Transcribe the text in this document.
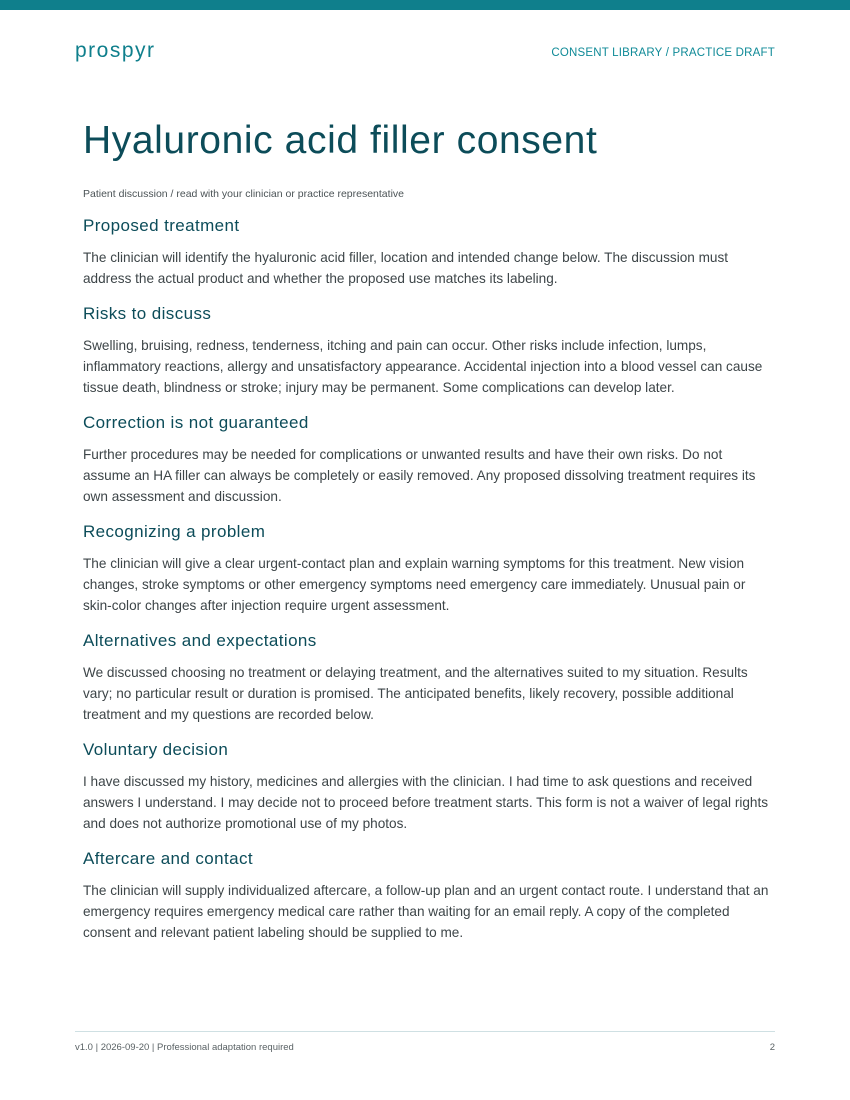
prospyr	CONSENT LIBRARY / PRACTICE DRAFT
Hyaluronic acid filler consent

Patient discussion / read with your clinician or practice representative

Proposed treatment

The clinician will identify the hyaluronic acid filler, location and intended change below. The discussion must address the actual product and whether the proposed use matches its labeling.

Risks to discuss

Swelling, bruising, redness, tenderness, itching and pain can occur. Other risks include infection, lumps, inflammatory reactions, allergy and unsatisfactory appearance. Accidental injection into a blood vessel can cause tissue death, blindness or stroke; injury may be permanent. Some complications can develop later.

Correction is not guaranteed

Further procedures may be needed for complications or unwanted results and have their own risks. Do not assume an HA filler can always be completely or easily removed. Any proposed dissolving treatment requires its own assessment and discussion.

Recognizing a problem

The clinician will give a clear urgent-contact plan and explain warning symptoms for this treatment. New vision changes, stroke symptoms or other emergency symptoms need emergency care immediately. Unusual pain or skin-color changes after injection require urgent assessment.

Alternatives and expectations

We discussed choosing no treatment or delaying treatment, and the alternatives suited to my situation. Results vary; no particular result or duration is promised. The anticipated benefits, likely recovery, possible additional treatment and my questions are recorded below.

Voluntary decision

I have discussed my history, medicines and allergies with the clinician. I had time to ask questions and received answers I understand. I may decide not to proceed before treatment starts. This form is not a waiver of legal rights and does not authorize promotional use of my photos.

Aftercare and contact

The clinician will supply individualized aftercare, a follow-up plan and an urgent contact route. I understand that an emergency requires emergency medical care rather than waiting for an email reply. A copy of the completed consent and relevant patient labeling should be supplied to me.

v1.0 | 2026-09-20 | Professional adaptation required	2
